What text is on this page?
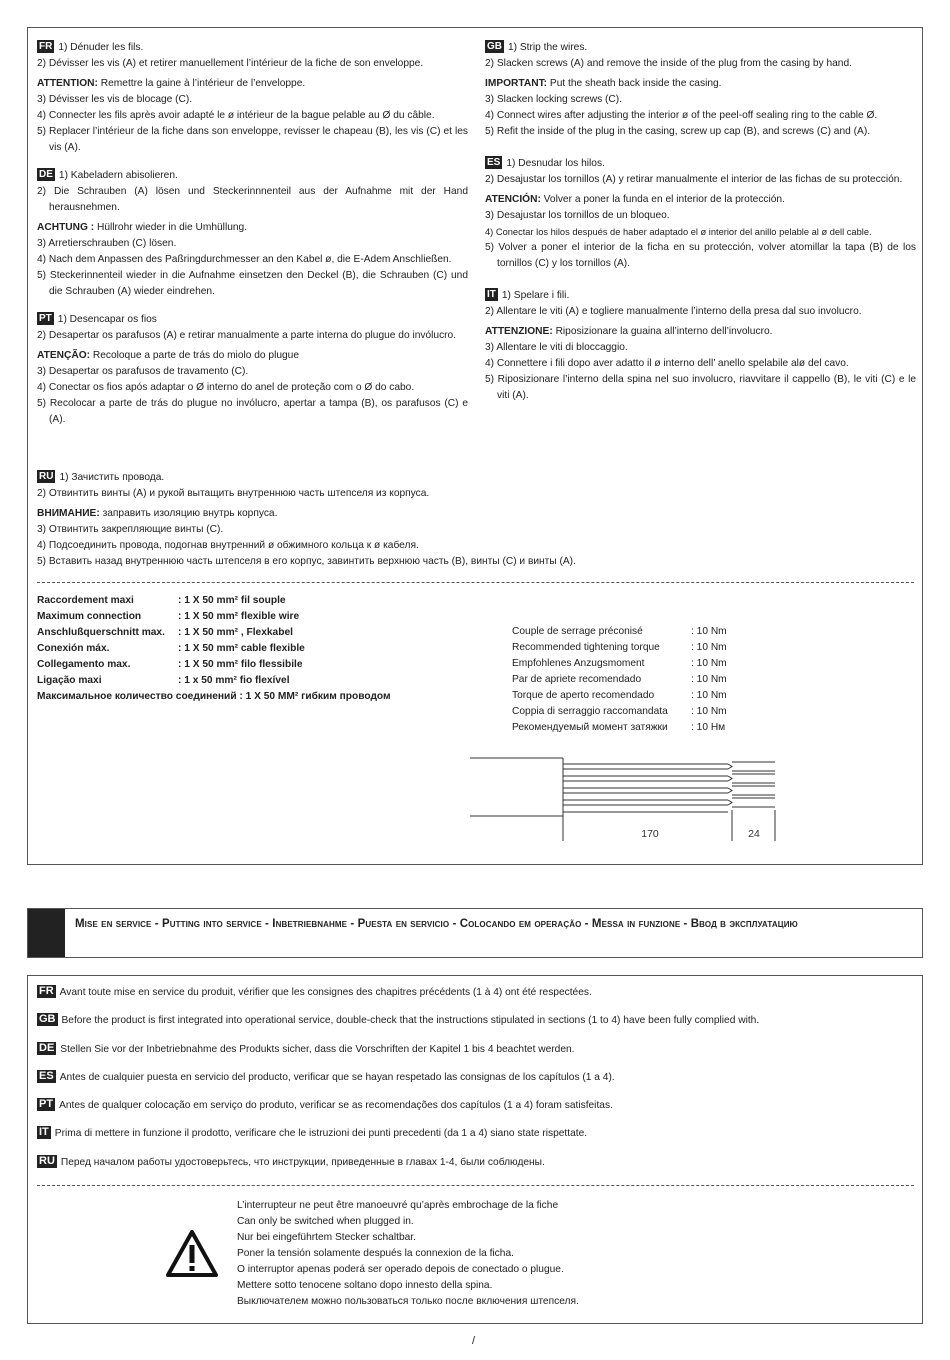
FR 1) Dénuder les fils.
2) Dévisser les vis (A) et retirer manuellement l’intérieur de la fiche de son enveloppe.
ATTENTION: Remettre la gaine à l’intérieur de l’enveloppe.
3) Dévisser les vis de blocage (C).
4) Connecter les fils après avoir adapté le ø intérieur de la bague pelable au Ø du câble.
5) Replacer l’intérieur de la fiche dans son enveloppe, revisser le chapeau (B), les vis (C) et les vis (A).
DE 1) Kabeladern abisolieren.
2) Die Schrauben (A) lösen und Steckerinnnenteil aus der Aufnahme mit der Hand herausnehmen.
ACHTUNG : Hüllrohr wieder in die Umhüllung.
3) Arretierschrauben (C) lösen.
4) Nach dem Anpassen des Paßringdurchmesser an den Kabel ø, die E-Adem Anschließen.
5) Steckerinnenteil wieder in die Aufnahme einsetzen den Deckel (B), die Schrauben (C) und die Schrauben (A) wieder eindrehen.
PT 1) Desencapar os fios
2) Desapertar os parafusos (A) e retirar manualmente a parte interna do plugue do invólucro.
ATENÇÃO: Recoloque a parte de trás do miolo do plugue
3) Desapertar os parafusos de travamento (C).
4) Conectar os fios após adaptar o Ø interno do anel de proteção com o Ø do cabo.
5) Recolocar a parte de trás do plugue no invólucro, apertar a tampa (B), os parafusos (C) e (A).
GB 1) Strip the wires.
2) Slacken screws (A) and remove the inside of the plug from the casing by hand.
IMPORTANT: Put the sheath back inside the casing.
3) Slacken locking screws (C).
4) Connect wires after adjusting the interior ø of the peel-off sealing ring to the cable Ø.
5) Refit the inside of the plug in the casing, screw up cap (B), and screws (C) and (A).
ES 1) Desnudar los hilos.
2) Desajustar los tornillos (A) y retirar manualmente el interior de las fichas de su protección.
ATENCIÓN: Volver a poner la funda en el interior de la protección.
3) Desajustar los tornillos de un bloqueo.
4) Conectar los hilos después de haber adaptado el ø interior del anillo pelable al ø dell cable.
5) Volver a poner el interior de la ficha en su protección, volver atomillar la tapa (B) de los tornillos (C) y los tornillos (A).
IT 1) Spelare i fili.
2) Allentare le viti (A) e togliere manualmente l’interno della presa dal suo involucro.
ATTENZIONE: Riposizionare la guaina all’interno dell’involucro.
3) Allentare le viti di bloccaggio.
4) Connettere i fili dopo aver adatto il ø interno dell’ anello spelabile alø del cavo.
5) Riposizionare l’interno della spina nel suo involucro, riavvitare il cappello (B), le viti (C) e le viti (A).
RU 1) Зачистить провода.
2) Отвинтить винты (A) и рукой вытащить внутреннюю часть штепселя из корпуса.
ВНИМАНИЕ: заправить изоляцию внутрь корпуса.
3) Отвинтить закрепляющие винты (C).
4) Подсоединить провода, подогнав внутренний ø обжимного кольца к ø кабеля.
5) Вставить назад внутреннюю часть штепселя в его корпус, завинтить верхнюю часть (B), винты (C) и винты (A).
Raccordement maxi	: 1 X 50 mm² fil souple
Maximum connection	: 1 X 50 mm² flexible wire
Anschlußquerschnitt max. : 1 X 50 mm² , Flexkabel
Conexión máx.	: 1 X 50 mm² cable flexible
Collegamento max.	: 1 X 50 mm² filo flessibile
Ligação maxi	: 1 x 50 mm² fio flexível
Максимальное количество соединений : 1 X 50 ММ² гибким проводом
Couple de serrage préconisé	: 10 Nm
Recommended tightening torque	: 10 Nm
Empfohlenes Anzugsmoment	: 10 Nm
Par de apriete recomendado	: 10 Nm
Torque de aperto recomendado	: 10 Nm
Coppia di serraggio raccomandata : 10 Nm
Рекомендуемый момент затяжки : 10 Нм
170	24
Mise en service - Putting into service - Inbetriebnahme - Puesta en servicio - Colocando em operação - Messa in funzione - Ввод в эксплуатацию
FR Avant toute mise en service du produit, vérifier que les consignes des chapitres précédents (1 à 4) ont été respectées.
GB Before the product is first integrated into operational service, double-check that the instructions stipulated in sections (1 to 4) have been fully complied with.
DE Stellen Sie vor der Inbetriebnahme des Produkts sicher, dass die Vorschriften der Kapitel 1 bis 4 beachtet werden.
ES Antes de cualquier puesta en servicio del producto, verificar que se hayan respetado las consignas de los capítulos (1 a 4).
PT Antes de qualquer colocação em serviço do produto, verificar se as recomendações dos capítulos (1 a 4) foram satisfeitas.
IT Prima di mettere in funzione il prodotto, verificare che le istruzioni dei punti precedenti (da 1 a 4) siano state rispettate.
RU Перед началом работы удостоверьтесь, что инструкции, приведенные в главах 1-4, были соблюдены.
L’interrupteur ne peut être manoeuvré qu’après embrochage de la fiche
Can only be switched when plugged in.
Nur bei eingeführtem Stecker schaltbar.
Poner la tensión solamente después la connexion de la ficha.
O interruptor apenas poderá ser operado depois de conectado o plugue.
Mettere sotto tenocene soltano dopo innesto della spina.
Выключателем можно пользоваться только после включения штепселя.
/
